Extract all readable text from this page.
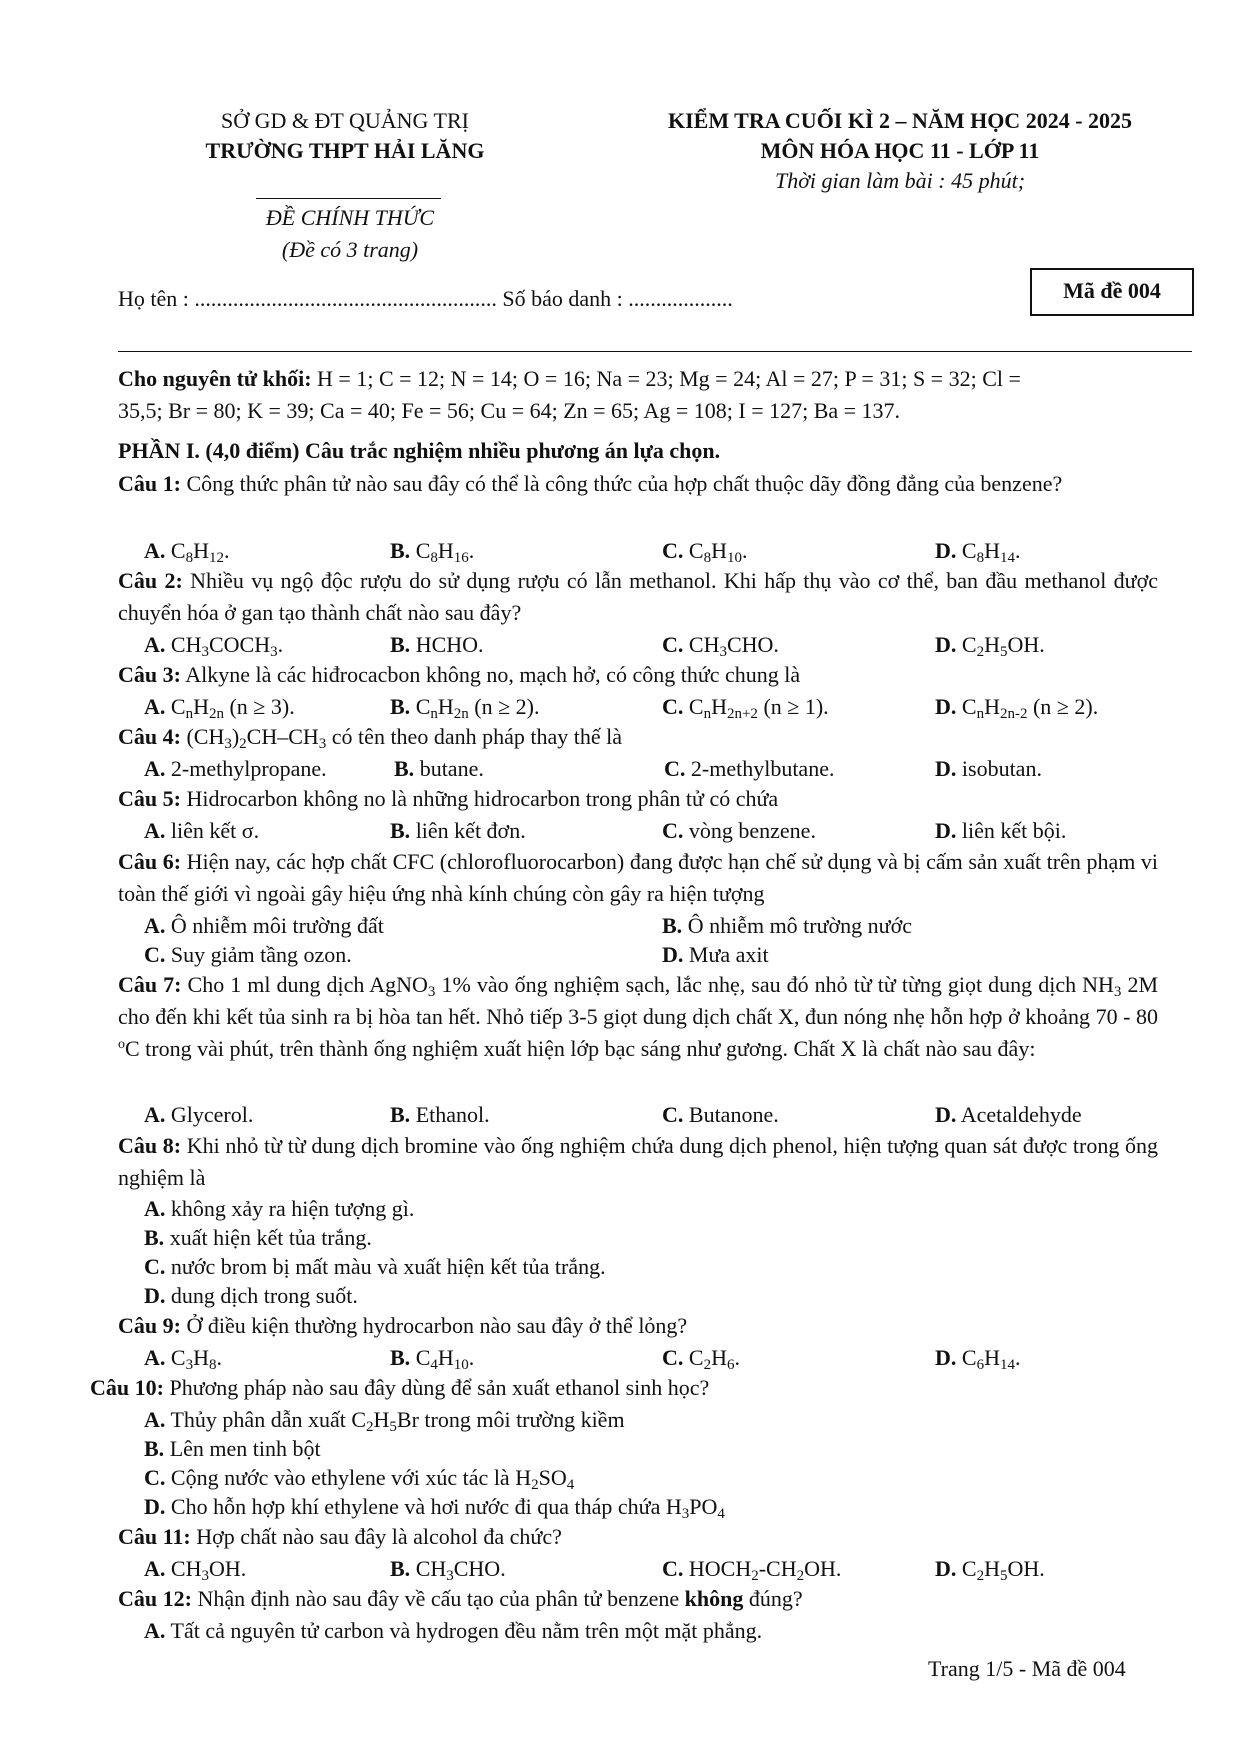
SỞ GD & ĐT QUẢNG TRỊ
TRƯỜNG THPT HẢI LĂNG
ĐỀ CHÍNH THỨC
(Đề có 3 trang)
KIỂM TRA CUỐI KÌ 2 – NĂM HỌC 2024 - 2025
MÔN HÓA HỌC 11 - LỚP 11
Thời gian làm bài : 45 phút;
Họ tên : ....................................................... Số báo danh : ...................	Mã đề 004
Cho nguyên tử khối: H = 1; C = 12; N = 14; O = 16; Na = 23; Mg = 24; Al = 27; P = 31; S = 32; Cl =
35,5; Br = 80; K = 39; Ca = 40; Fe = 56; Cu = 64; Zn = 65; Ag = 108; I = 127; Ba = 137.
PHẦN I. (4,0 điểm) Câu trắc nghiệm nhiều phương án lựa chọn.
Câu 1: Công thức phân tử nào sau đây có thể là công thức của hợp chất thuộc dãy đồng đẳng của benzene?
A. $C_8H_{12}$.	B. $C_8H_{16}$.	C. $C_8H_{10}$.	D. $C_8H_{14}$.
Câu 2: Nhiều vụ ngộ độc rượu do sử dụng rượu có lẫn methanol. Khi hấp thụ vào cơ thể, ban đầu methanol được chuyển hóa ở gan tạo thành chất nào sau đây?
A. $CH_3COCH_3$.	B. HCHO.	C. $CH_3CHO$.	D. $C_2H_5OH$.
Câu 3: Alkyne là các hiđrocacbon không no, mạch hở, có công thức chung là
A. $C_nH_{2n}$ (n ≥ 3).	B. $C_nH_{2n}$ (n ≥ 2).	C. $C_nH_{2n+2}$ (n ≥ 1).	D. $C_nH_{2n-2}$ (n ≥ 2).
Câu 4: $(CH_3)_2CH-CH_3$ có tên theo danh pháp thay thế là
A. 2-methylpropane.	B. butane.	C. 2-methylbutane.	D. isobutan.
Câu 5: Hidrocarbon không no là những hidrocarbon trong phân tử có chứa
A. liên kết σ.	B. liên kết đơn.	C. vòng benzene.	D. liên kết bội.
Câu 6: Hiện nay, các hợp chất CFC (chlorofluorocarbon) đang được hạn chế sử dụng và bị cấm sản xuất trên phạm vi toàn thế giới vì ngoài gây hiệu ứng nhà kính chúng còn gây ra hiện tượng
A. Ô nhiễm môi trường đất	B. Ô nhiễm mô trường nước
C. Suy giảm tầng ozon.	D. Mưa axit
Câu 7: Cho 1 ml dung dịch AgNO$_3$ 1% vào ống nghiệm sạch, lắc nhẹ, sau đó nhỏ từ từ từng giọt dung dịch $NH_3$ 2M cho đến khi kết tủa sinh ra bị hòa tan hết. Nhỏ tiếp 3-5 giọt dung dịch chất X, đun nóng nhẹ hỗn hợp ở khoảng 70 - 80 $^o$C trong vài phút, trên thành ống nghiệm xuất hiện lớp bạc sáng như gương. Chất X là chất nào sau đây:
A. Glycerol.	B. Ethanol.	C. Butanone.	D. Acetaldehyde
Câu 8: Khi nhỏ từ từ dung dịch bromine vào ống nghiệm chứa dung dịch phenol, hiện tượng quan sát được trong ống nghiệm là
A. không xảy ra hiện tượng gì.
B. xuất hiện kết tủa trắng.
C. nước brom bị mất màu và xuất hiện kết tủa trắng.
D. dung dịch trong suốt.
Câu 9: Ở điều kiện thường hydrocarbon nào sau đây ở thể lỏng?
A. $C_3H_8$.	B. $C_4H_{10}$.	C. $C_2H_6$.	D. $C_6H_{14}$.
Câu 10: Phương pháp nào sau đây dùng để sản xuất ethanol sinh học?
A. Thủy phân dẫn xuất $C_2H_5Br$ trong môi trường kiềm
B. Lên men tinh bột
C. Cộng nước vào ethylene với xúc tác là $H_2SO_4$
D. Cho hỗn hợp khí ethylene và hơi nước đi qua tháp chứa $H_3PO_4$
Câu 11: Hợp chất nào sau đây là alcohol đa chức?
A. $CH_3OH$.	B. $CH_3CHO$.	C. $HOCH_2-CH_2OH$.	D. $C_2H_5OH$.
Câu 12: Nhận định nào sau đây về cấu tạo của phân tử benzene không đúng?
A. Tất cả nguyên tử carbon và hydrogen đều nằm trên một mặt phẳng.
Trang 1/5 - Mã đề 004
